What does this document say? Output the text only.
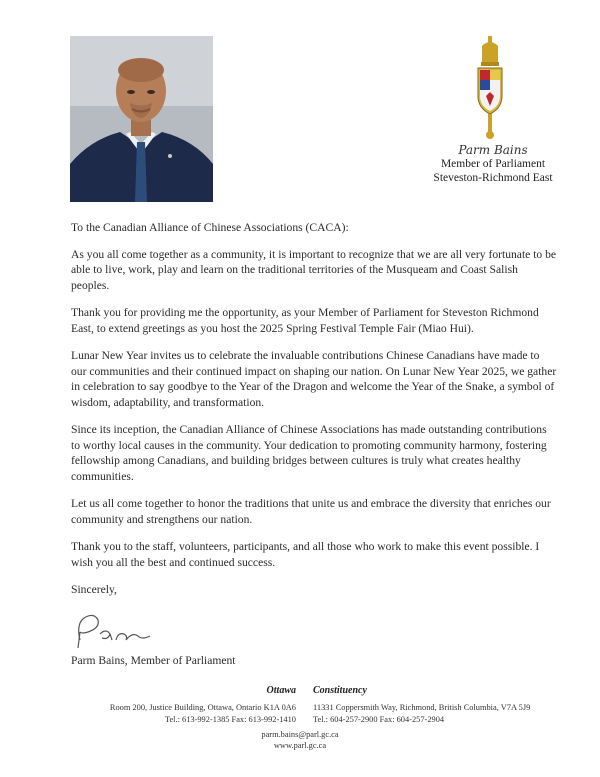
Parm Bains
Member of Parliament
Steveston-Richmond East

To the Canadian Alliance of Chinese Associations (CACA):

As you all come together as a community, it is important to recognize that we are all very fortunate to be able to live, work, play and learn on the traditional territories of the Musqueam and Coast Salish peoples.

Thank you for providing me the opportunity, as your Member of Parliament for Steveston Richmond East, to extend greetings as you host the 2025 Spring Festival Temple Fair (Miao Hui).

Lunar New Year invites us to celebrate the invaluable contributions Chinese Canadians have made to our communities and their continued impact on shaping our nation. On Lunar New Year 2025, we gather in celebration to say goodbye to the Year of the Dragon and welcome the Year of the Snake, a symbol of wisdom, adaptability, and transformation.

Since its inception, the Canadian Alliance of Chinese Associations has made outstanding contributions to worthy local causes in the community. Your dedication to promoting community harmony, fostering fellowship among Canadians, and building bridges between cultures is truly what creates healthy communities.

Let us all come together to honor the traditions that unite us and embrace the diversity that enriches our community and strengthens our nation.

Thank you to the staff, volunteers, participants, and all those who work to make this event possible. I wish you all the best and continued success.

Sincerely,

Parm Bains, Member of Parliament
Ottawa
Room 200, Justice Building, Ottawa, Ontario K1A 0A6
Tel.: 613-992-1385 Fax: 613-992-1410
Constituency
11331 Coppersmith Way, Richmond, British Columbia, V7A 5J9
Tel.: 604-257-2900 Fax: 604-257-2904
parm.bains@parl.gc.ca
www.parl.gc.ca
